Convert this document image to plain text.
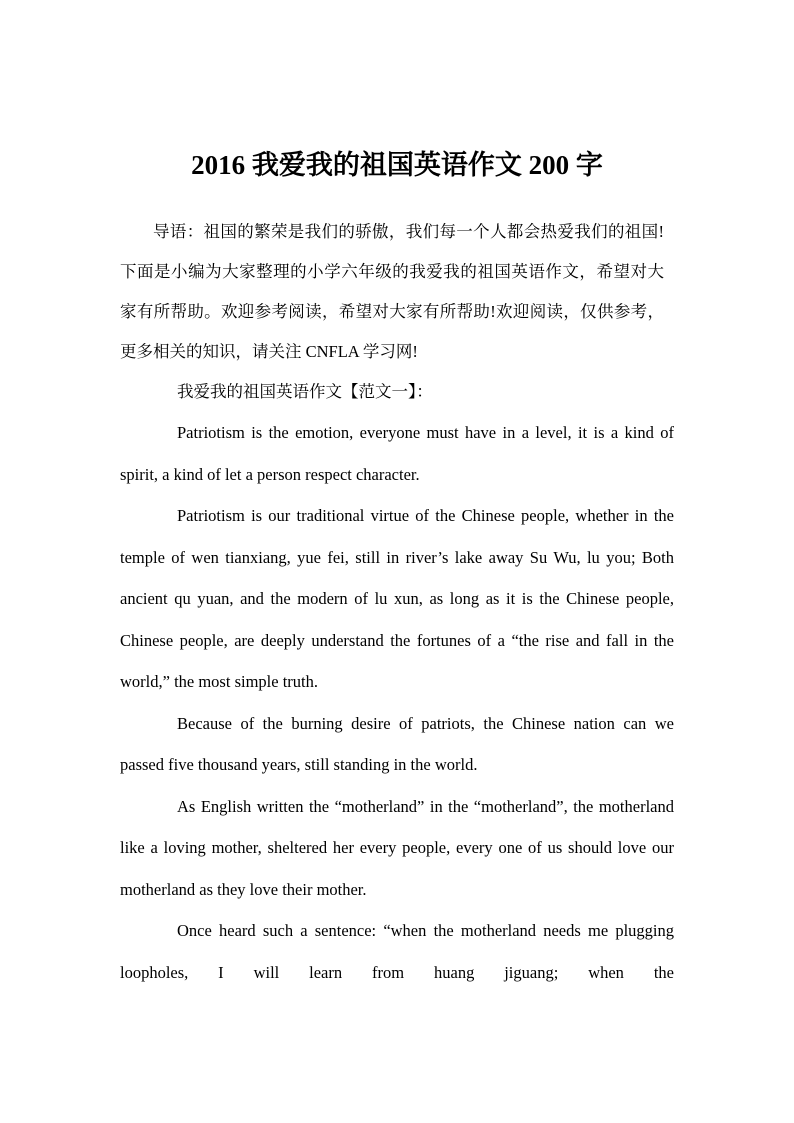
2016 我爱我的祖国英语作文 200 字

导语：祖国的繁荣是我们的骄傲，我们每一个人都会热爱我们的祖国!下面是小编为大家整理的小学六年级的我爱我的祖国英语作文，希望对大家有所帮助。欢迎参考阅读，希望对大家有所帮助!欢迎阅读，仅供参考，更多相关的知识，请关注 CNFLA 学习网!

我爱我的祖国英语作文【范文一】：

Patriotism is the emotion, everyone must have in a level, it is a kind of spirit, a kind of let a person respect character.

Patriotism is our traditional virtue of the Chinese people, whether in the temple of wen tianxiang, yue fei, still in river’s lake away Su Wu, lu you; Both ancient qu yuan, and the modern of lu xun, as long as it is the Chinese people, Chinese people, are deeply understand the fortunes of a “the rise and fall in the world,” the most simple truth.

Because of the burning desire of patriots, the Chinese nation can we passed five thousand years, still standing in the world.

As English written the “motherland” in the “motherland”, the motherland like a loving mother, sheltered her every people, every one of us should love our motherland as they love their mother.

Once heard such a sentence: “when the motherland needs me plugging loopholes, I will learn from huang jiguang; when the
